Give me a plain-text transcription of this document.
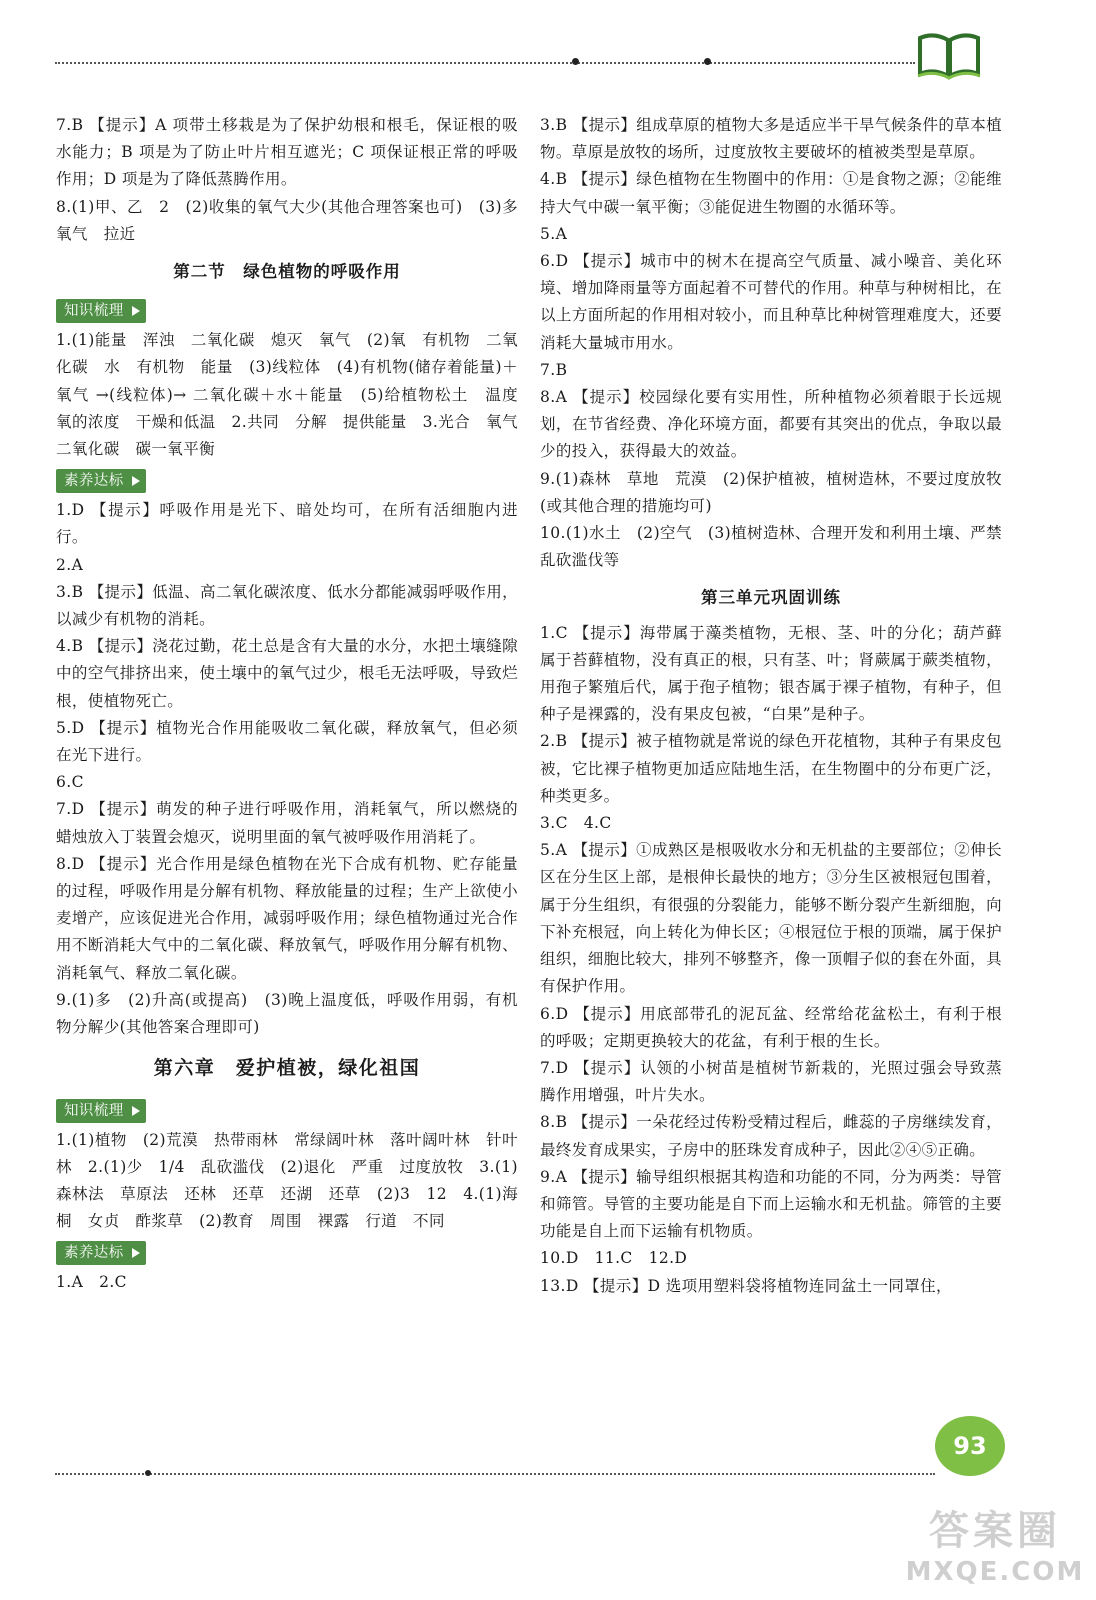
7.B 【提示】A 项带土移栽是为了保护幼根和根毛，保证根的吸水能力；B 项是为了防止叶片相互遮光；C 项保证根正常的呼吸作用；D 项是为了降低蒸腾作用。
8.(1)甲、乙　2　(2)收集的氧气大少(其他合理答案也可)　(3)多　氧气　拉近
第二节　绿色植物的呼吸作用
知识梳理
1.(1)能量　浑浊　二氧化碳　熄灭　氧气　(2)氧　有机物　二氧化碳　水　有机物　能量　(3)线粒体　(4)有机物(储存着能量)＋氧气 →(线粒体)→ 二氧化碳＋水＋能量　(5)给植物松土　温度　氧的浓度　干燥和低温　2.共同　分解　提供能量　3.光合　氧气　二氧化碳　碳一氧平衡
素养达标
1.D 【提示】呼吸作用是光下、暗处均可，在所有活细胞内进行。
2.A
3.B 【提示】低温、高二氧化碳浓度、低水分都能减弱呼吸作用，以减少有机物的消耗。
4.B 【提示】浇花过勤，花土总是含有大量的水分，水把土壤缝隙中的空气排挤出来，使土壤中的氧气过少，根毛无法呼吸，导致烂根，使植物死亡。
5.D 【提示】植物光合作用能吸收二氧化碳，释放氧气，但必须在光下进行。
6.C
7.D 【提示】萌发的种子进行呼吸作用，消耗氧气，所以燃烧的蜡烛放入丁装置会熄灭，说明里面的氧气被呼吸作用消耗了。
8.D 【提示】光合作用是绿色植物在光下合成有机物、贮存能量的过程，呼吸作用是分解有机物、释放能量的过程；生产上欲使小麦增产，应该促进光合作用，减弱呼吸作用；绿色植物通过光合作用不断消耗大气中的二氧化碳、释放氧气，呼吸作用分解有机物、消耗氧气、释放二氧化碳。
9.(1)多　(2)升高(或提高)　(3)晚上温度低，呼吸作用弱，有机物分解少(其他答案合理即可)
第六章　爱护植被，绿化祖国
知识梳理
1.(1)植物　(2)荒漠　热带雨林　常绿阔叶林　落叶阔叶林　针叶林　2.(1)少　1/4　乱砍滥伐　(2)退化　严重　过度放牧　3.(1)森林法　草原法　还林　还草　还湖　还草　(2)3　12　4.(1)海桐　女贞　酢浆草　(2)教育　周围　裸露　行道　不同
素养达标
1.A　2.C
3.B 【提示】组成草原的植物大多是适应半干旱气候条件的草本植物。草原是放牧的场所，过度放牧主要破坏的植被类型是草原。
4.B 【提示】绿色植物在生物圈中的作用：①是食物之源；②能维持大气中碳一氧平衡；③能促进生物圈的水循环等。
5.A
6.D 【提示】城市中的树木在提高空气质量、减小噪音、美化环境、增加降雨量等方面起着不可替代的作用。种草与种树相比，在以上方面所起的作用相对较小，而且种草比种树管理难度大，还要消耗大量城市用水。
7.B
8.A 【提示】校园绿化要有实用性，所种植物必须着眼于长远规划，在节省经费、净化环境方面，都要有其突出的优点，争取以最少的投入，获得最大的效益。
9.(1)森林　草地　荒漠　(2)保护植被，植树造林，不要过度放牧(或其他合理的措施均可)
10.(1)水土　(2)空气　(3)植树造林、合理开发和利用土壤、严禁乱砍滥伐等
第三单元巩固训练
1.C 【提示】海带属于藻类植物，无根、茎、叶的分化；葫芦藓属于苔藓植物，没有真正的根，只有茎、叶；肾蕨属于蕨类植物，用孢子繁殖后代，属于孢子植物；银杏属于裸子植物，有种子，但种子是裸露的，没有果皮包被，“白果”是种子。
2.B 【提示】被子植物就是常说的绿色开花植物，其种子有果皮包被，它比裸子植物更加适应陆地生活，在生物圈中的分布更广泛，种类更多。
3.C　4.C
5.A 【提示】①成熟区是根吸收水分和无机盐的主要部位；②伸长区在分生区上部，是根伸长最快的地方；③分生区被根冠包围着，属于分生组织，有很强的分裂能力，能够不断分裂产生新细胞，向下补充根冠，向上转化为伸长区；④根冠位于根的顶端，属于保护组织，细胞比较大，排列不够整齐，像一顶帽子似的套在外面，具有保护作用。
6.D 【提示】用底部带孔的泥瓦盆、经常给花盆松土，有利于根的呼吸；定期更换较大的花盆，有利于根的生长。
7.D 【提示】认领的小树苗是植树节新栽的，光照过强会导致蒸腾作用增强，叶片失水。
8.B 【提示】一朵花经过传粉受精过程后，雌蕊的子房继续发育，最终发育成果实，子房中的胚珠发育成种子，因此②④⑤正确。
9.A 【提示】输导组织根据其构造和功能的不同，分为两类：导管和筛管。导管的主要功能是自下而上运输水和无机盐。筛管的主要功能是自上而下运输有机物质。
10.D　11.C　12.D
13.D 【提示】D 选项用塑料袋将植物连同盆土一同罩住，
93
答案圈
MXQE.COM
